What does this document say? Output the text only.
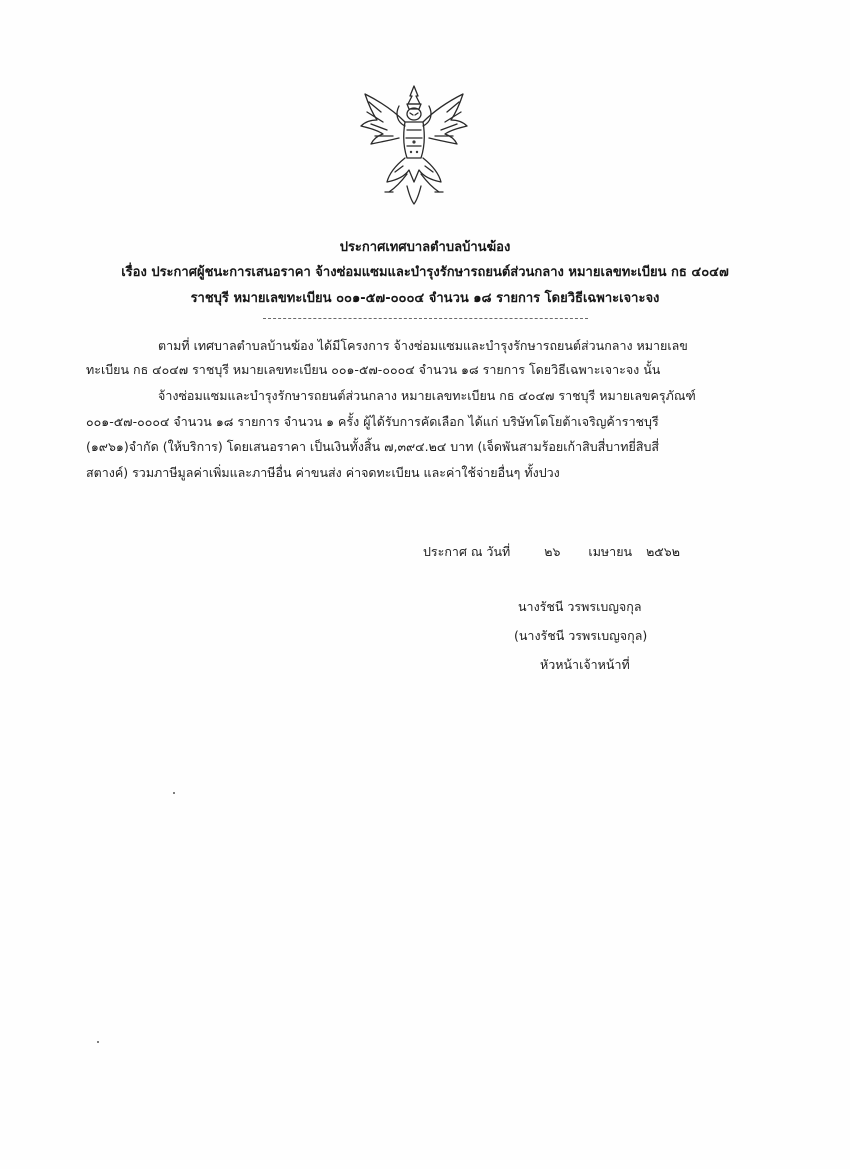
ประกาศเทศบาลตำบลบ้านฆ้อง
เรื่อง ประกาศผู้ชนะการเสนอราคา จ้างซ่อมแซมและบำรุงรักษารถยนต์ส่วนกลาง หมายเลขทะเบียน กธ ๔๐๔๗
ราชบุรี หมายเลขทะเบียน ๐๐๑-๕๗-๐๐๐๔ จำนวน ๑๘ รายการ โดยวิธีเฉพาะเจาะจง
ตามที่ เทศบาลตำบลบ้านฆ้อง ได้มีโครงการ จ้างซ่อมแซมและบำรุงรักษารถยนต์ส่วนกลาง หมายเลข
ทะเบียน กธ ๔๐๔๗ ราชบุรี หมายเลขทะเบียน ๐๐๑-๕๗-๐๐๐๔ จำนวน ๑๘ รายการ โดยวิธีเฉพาะเจาะจง นั้น
จ้างซ่อมแซมและบำรุงรักษารถยนต์ส่วนกลาง หมายเลขทะเบียน กธ ๔๐๔๗ ราชบุรี หมายเลขครุภัณฑ์
๐๐๑-๕๗-๐๐๐๔ จำนวน ๑๘ รายการ จำนวน ๑ ครั้ง ผู้ได้รับการคัดเลือก ได้แก่ บริษัทโตโยต้าเจริญค้าราชบุรี
(๑๙๖๑)จำกัด (ให้บริการ) โดยเสนอราคา เป็นเงินทั้งสิ้น ๗,๓๙๔.๒๔ บาท (เจ็ดพันสามร้อยเก้าสิบสี่บาทยี่สิบสี่
สตางค์) รวมภาษีมูลค่าเพิ่มและภาษีอื่น ค่าขนส่ง ค่าจดทะเบียน และค่าใช้จ่ายอื่นๆ ทั้งปวง
ประกาศ ณ วันที่	๒๖ เมษายน ๒๕๖๒
นางรัชนี วรพรเบญจกุล
(นางรัชนี วรพรเบญจกุล)
หัวหน้าเจ้าหน้าที่
